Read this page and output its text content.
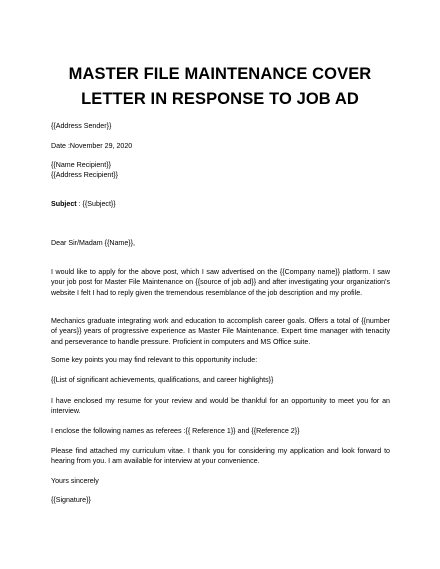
MASTER FILE MAINTENANCE COVER
LETTER IN RESPONSE TO JOB AD
{{Address Sender}}
Date :November 29, 2020
{{Name Recipient}}
{{Address Recipient}}
Subject : {{Subject}}
Dear Sir/Madam {{Name}},

I would like to apply for the above post, which I saw advertised on the {{Company name}} platform. I saw your job post for Master File Maintenance on {{source of job ad}} and after investigating your organization's website I felt I had to reply given the tremendous resemblance of the job description and my profile.

Mechanics graduate integrating work and education to accomplish career goals. Offers a total of {{number of years}} years of progressive experience as Master File Maintenance. Expert time manager with tenacity and perseverance to handle pressure. Proficient in computers and MS Office suite.

Some key points you may find relevant to this opportunity include:
{{List of significant achievements, qualifications, and career highlights}}

I have enclosed my resume for your review and would be thankful for an opportunity to meet you for an interview.

I enclose the following names as referees :{{ Reference 1}} and {{Reference 2}}

Please find attached my curriculum vitae. I thank you for considering my application and look forward to hearing from you. I am available for interview at your convenience.

Yours sincerely
{{Signature}}
